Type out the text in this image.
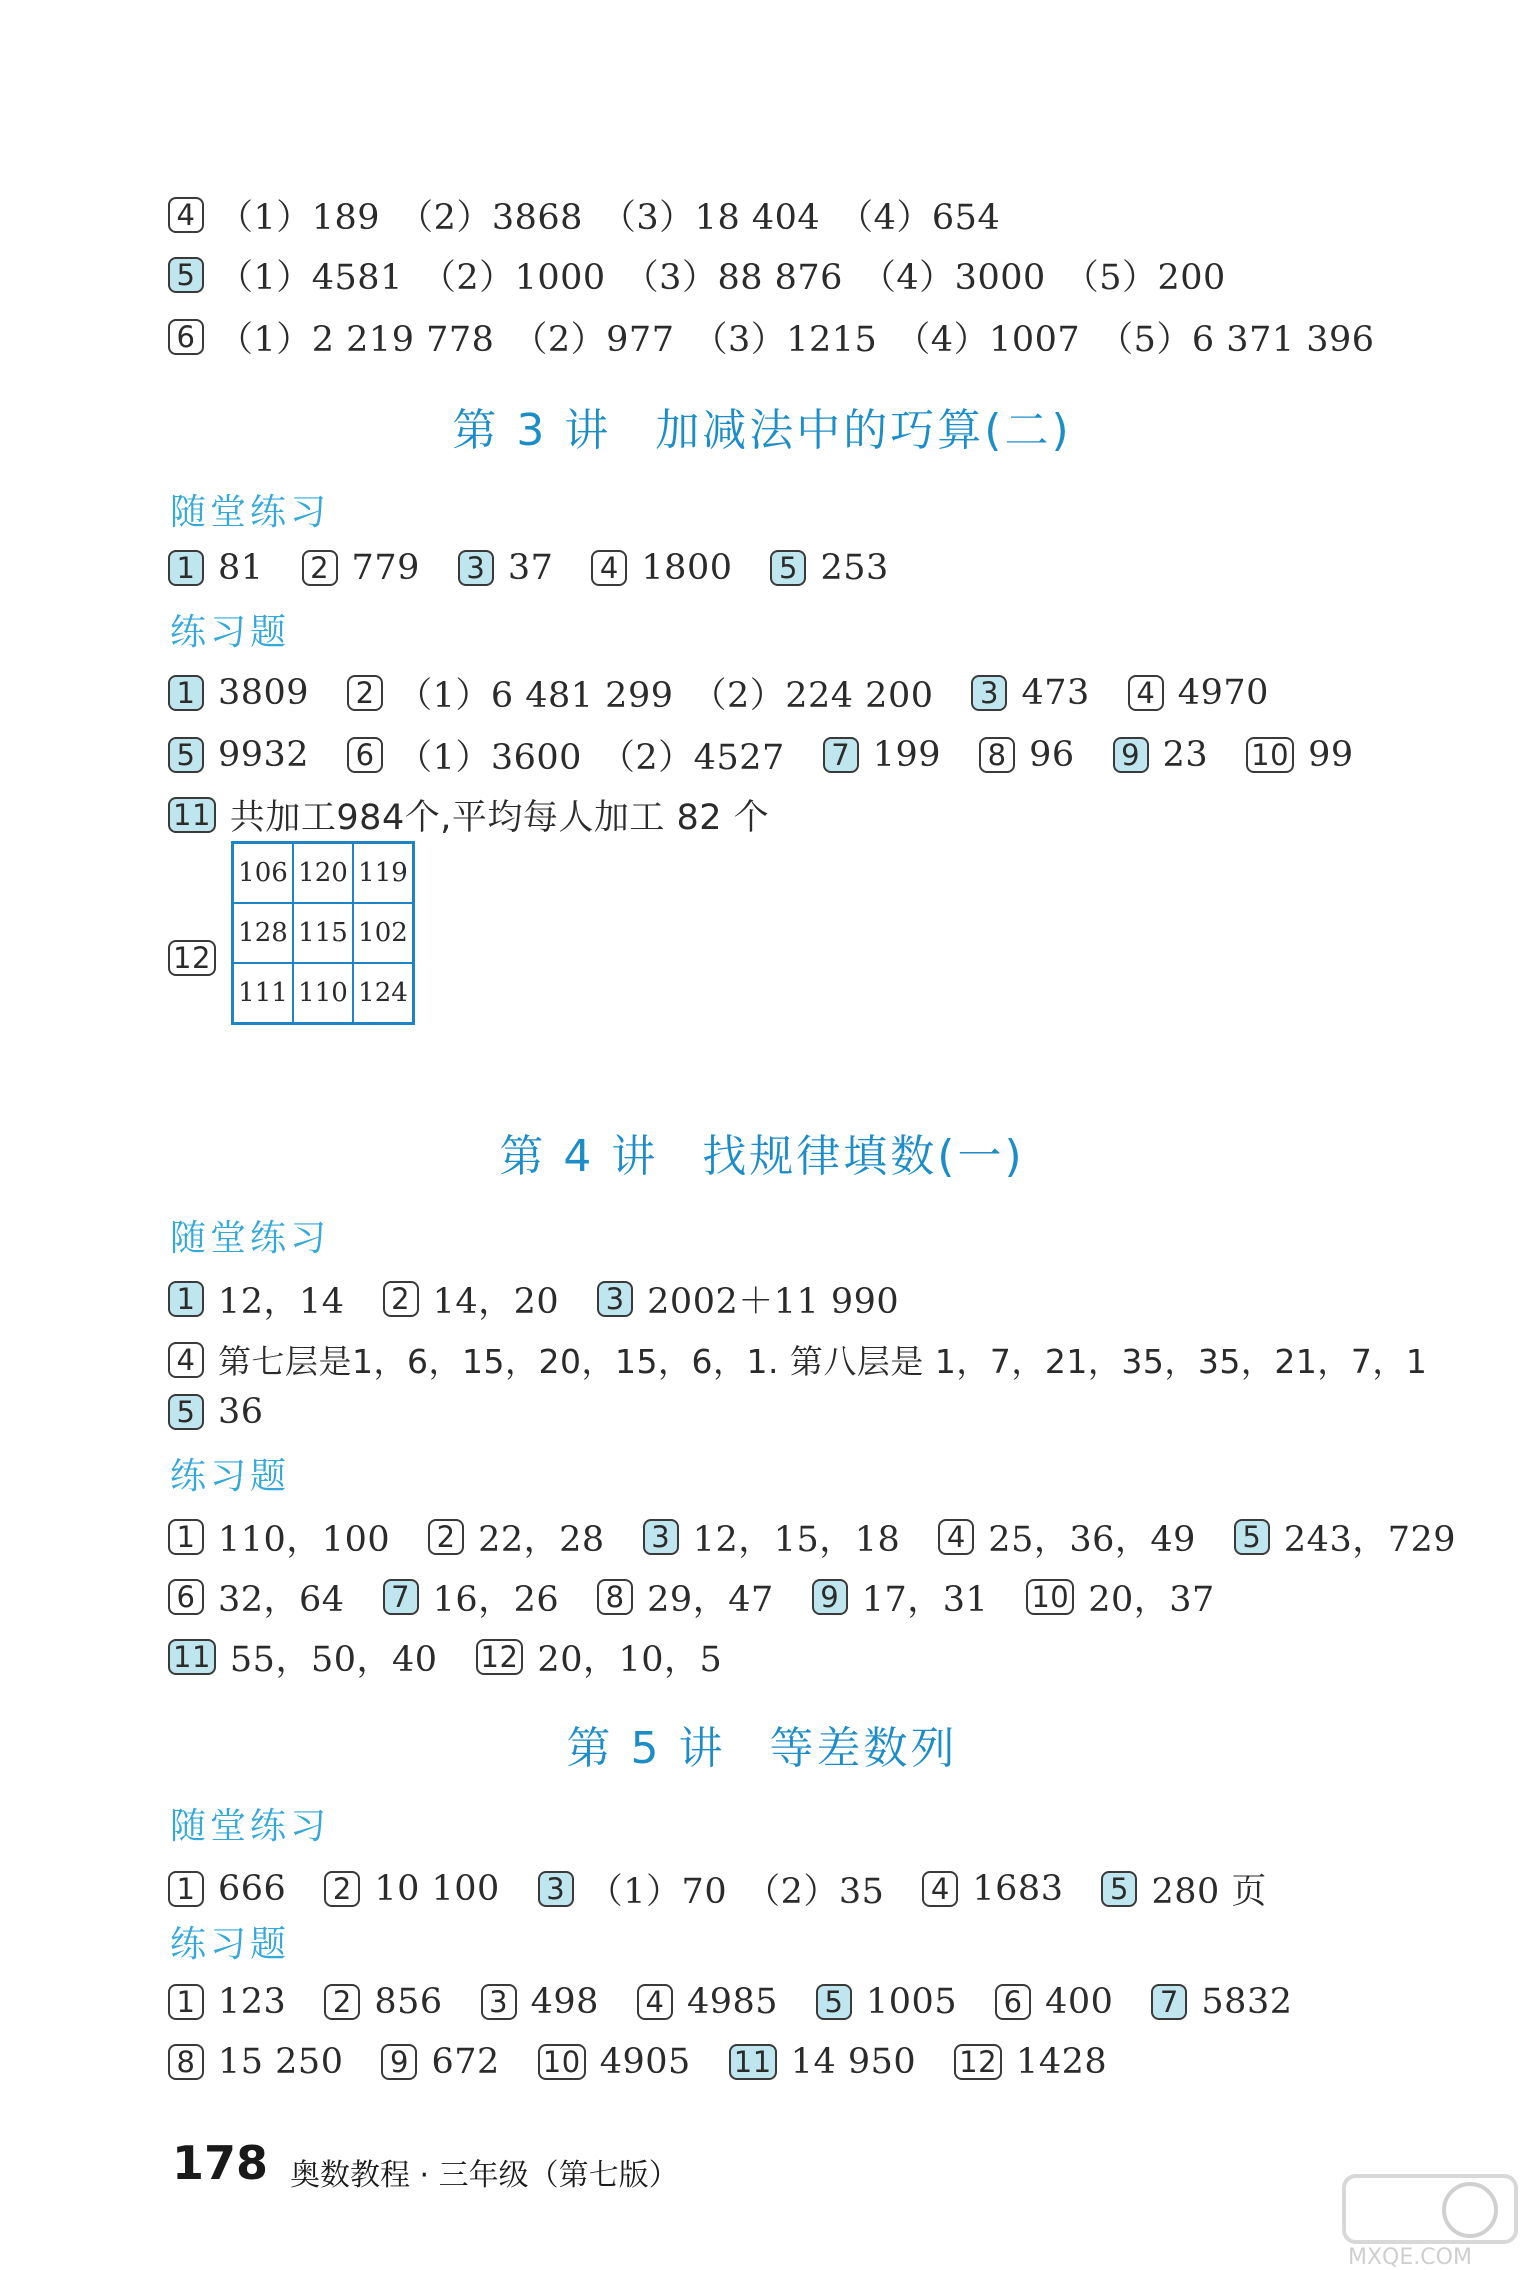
4 （1）189　（2）3868　（3）18 404　（4）654
5 （1）4581　（2）1000　（3）88 876　（4）3000　（5）200
6 （1）2 219 778　（2）977　（3）1215　（4）1007　（5）6 371 396
第 3 讲 加减法中的巧算(二)
随堂练习
1 81 2 779 3 37 4 1800 5 253
练习题
1 3809 2 （1）6 481 299　（2）224 200 3 473 4 4970
5 9932 6 （1）3600　（2）4527 7 199 8 96 9 23 10 99
11 共加工984个,平均每人加工 82 个
12
106	120	119
128	115	102
111	110	124
第 4 讲 找规律填数(一)
随堂练习
1 12，14 2 14，20 3 2002＋11 990
4 第七层是1，6，15，20，15，6，1. 第八层是 1，7，21，35，35，21，7，1
5 36
练习题
1 110，100 2 22，28 3 12，15，18 4 25，36，49 5 243，729
6 32，64 7 16，26 8 29，47 9 17，31 10 20，37
11 55，50，40 12 20，10，5
第 5 讲 等差数列
随堂练习
1 666 2 10 100 3 （1）70　（2）35 4 1683 5 280 页
练习题
1 123 2 856 3 498 4 4985 5 1005 6 400 7 5832
8 15 250 9 672 10 4905 11 14 950 12 1428
178 奥数教程 · 三年级（第七版）
MXQE.COM
